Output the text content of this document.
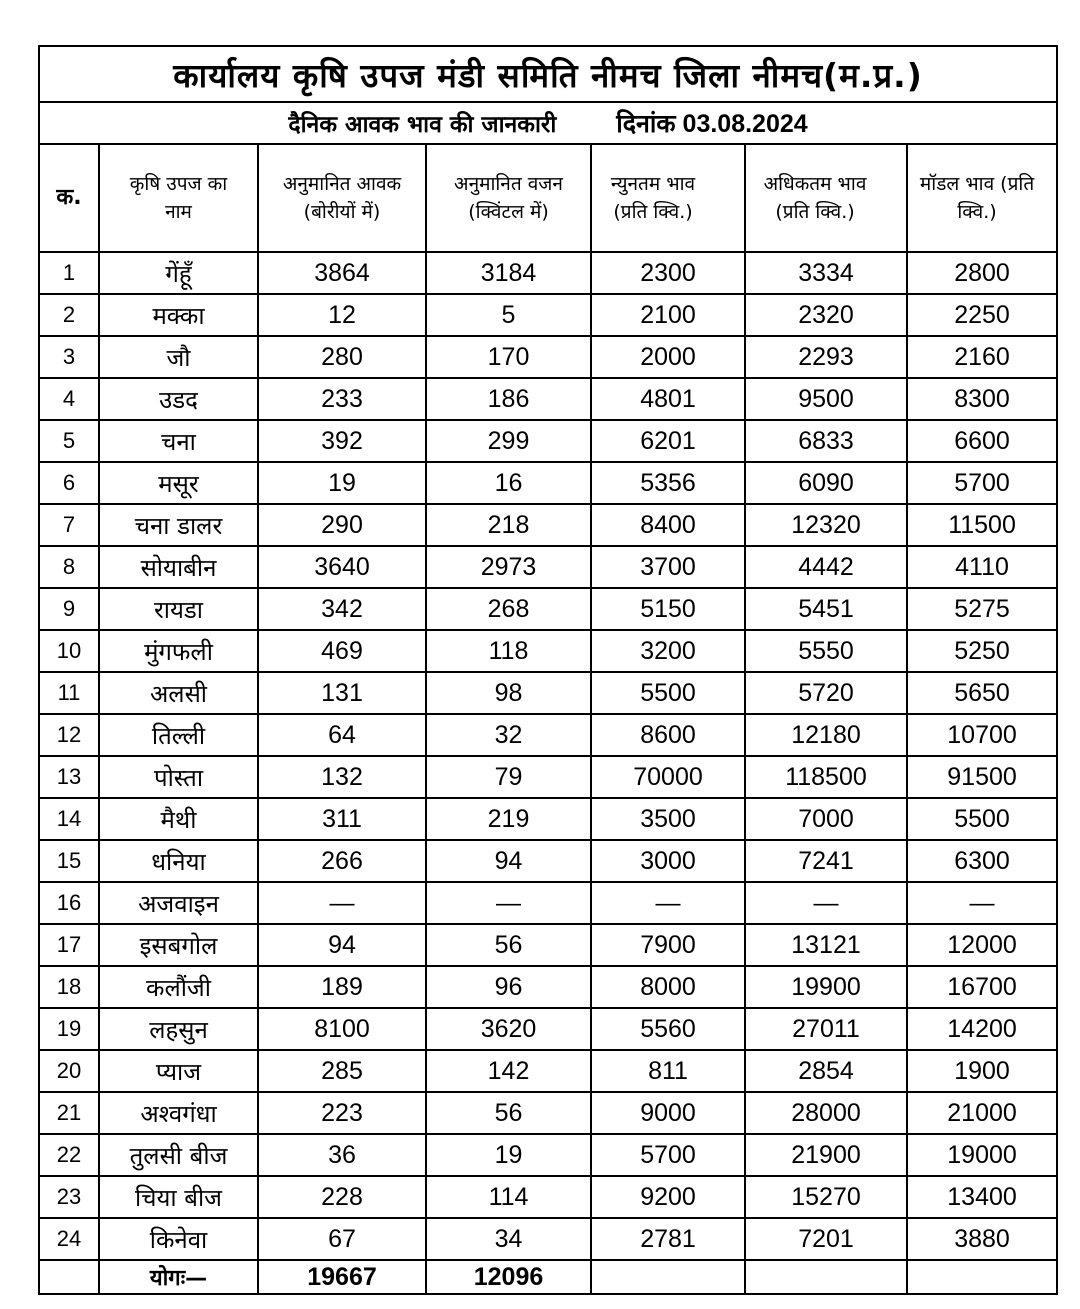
कार्यालय कृषि उपज मंडी समिति नीमच जिला नीमच(म.प्र.)						
दैनिक आवक भाव की जानकारी दिनांक 03.08.2024						
क.	कृषि उपज का नाम	अनुमानित आवक (बोरीयों में)	अनुमानित वजन (क्विंटल में)	न्युनतम भाव (प्रति क्वि.)	अधिकतम भाव (प्रति क्वि.)	मॉडल भाव (प्रति क्वि.)
1	गेंहूँ	3864	3184	2300	3334	2800
2	मक्का	12	5	2100	2320	2250
3	जौ	280	170	2000	2293	2160
4	उडद	233	186	4801	9500	8300
5	चना	392	299	6201	6833	6600
6	मसूर	19	16	5356	6090	5700
7	चना डालर	290	218	8400	12320	11500
8	सोयाबीन	3640	2973	3700	4442	4110
9	रायडा	342	268	5150	5451	5275
10	मुंगफली	469	118	3200	5550	5250
11	अलसी	131	98	5500	5720	5650
12	तिल्ली	64	32	8600	12180	10700
13	पोस्ता	132	79	70000	118500	91500
14	मैथी	311	219	3500	7000	5500
15	धनिया	266	94	3000	7241	6300
16	अजवाइन	—	—	—	—	—
17	इसबगोल	94	56	7900	13121	12000
18	कलौंजी	189	96	8000	19900	16700
19	लहसुन	8100	3620	5560	27011	14200
20	प्याज	285	142	811	2854	1900
21	अश्वगंधा	223	56	9000	28000	21000
22	तुलसी बीज	36	19	5700	21900	19000
23	चिया बीज	228	114	9200	15270	13400
24	किनेवा	67	34	2781	7201	3880
	योगः—	19667	12096			
